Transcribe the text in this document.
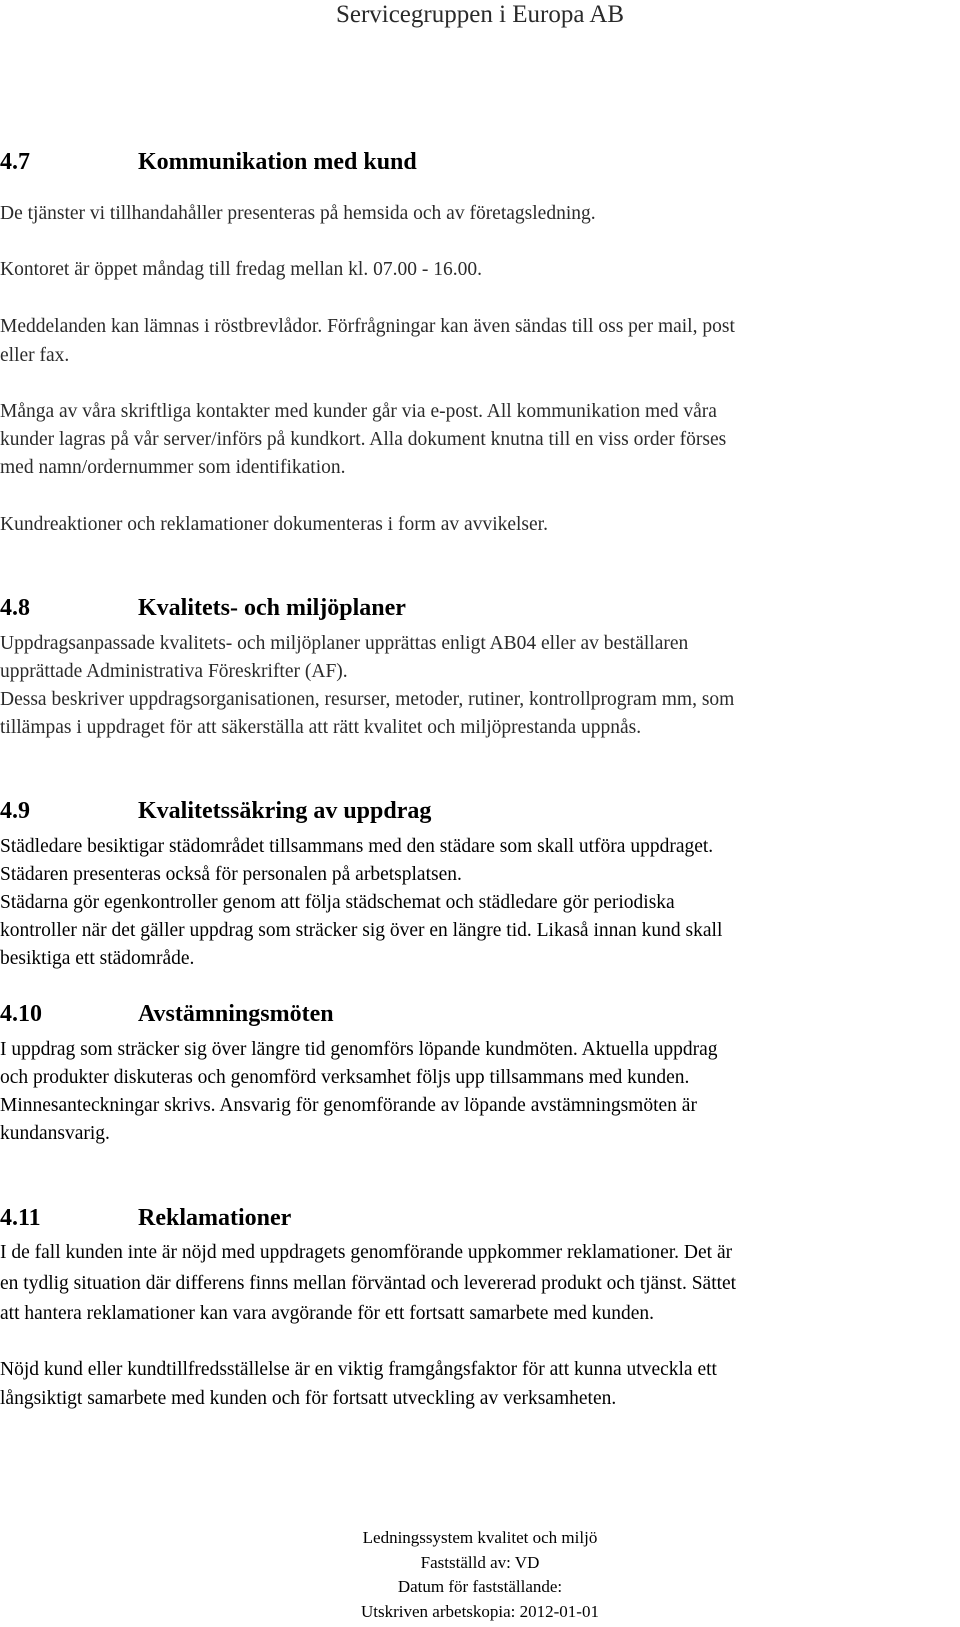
Servicegruppen i Europa AB
4.7	Kommunikation med kund
De tjänster vi tillhandahåller presenteras på hemsida och av företagsledning.
Kontoret är öppet måndag till fredag mellan kl. 07.00 - 16.00.
Meddelanden kan lämnas i röstbrevlådor. Förfrågningar kan även sändas till oss per mail, post
eller fax.
Många av våra skriftliga kontakter med kunder går via e-post. All kommunikation med våra
kunder lagras på vår server/införs på kundkort. Alla dokument knutna till en viss order förses
med namn/ordernummer som identifikation.
Kundreaktioner och reklamationer dokumenteras i form av avvikelser.
4.8	Kvalitets- och miljöplaner
Uppdragsanpassade kvalitets- och miljöplaner upprättas enligt AB04 eller av beställaren
upprättade Administrativa Föreskrifter (AF).
Dessa beskriver uppdragsorganisationen, resurser, metoder, rutiner, kontrollprogram mm, som
tillämpas i uppdraget för att säkerställa att rätt kvalitet och miljöprestanda uppnås.
4.9	Kvalitetssäkring av uppdrag
Städledare besiktigar städområdet tillsammans med den städare som skall utföra uppdraget.
Städaren presenteras också för personalen på arbetsplatsen.
Städarna gör egenkontroller genom att följa städschemat och städledare gör periodiska
kontroller när det gäller uppdrag som sträcker sig över en längre tid. Likaså innan kund skall
besiktiga ett städområde.
4.10	Avstämningsmöten
I uppdrag som sträcker sig över längre tid genomförs löpande kundmöten. Aktuella uppdrag
och produkter diskuteras och genomförd verksamhet följs upp tillsammans med kunden.
Minnesanteckningar skrivs. Ansvarig för genomförande av löpande avstämningsmöten är
kundansvarig.
4.11	Reklamationer
I de fall kunden inte är nöjd med uppdragets genomförande uppkommer reklamationer. Det är
en tydlig situation där differens finns mellan förväntad och levererad produkt och tjänst. Sättet
att hantera reklamationer kan vara avgörande för ett fortsatt samarbete med kunden.
Nöjd kund eller kundtillfredsställelse är en viktig framgångsfaktor för att kunna utveckla ett
långsiktigt samarbete med kunden och för fortsatt utveckling av verksamheten.
Ledningssystem kvalitet och miljö
Fastställd av: VD
Datum för fastställande:
Utskriven arbetskopia: 2012-01-01
